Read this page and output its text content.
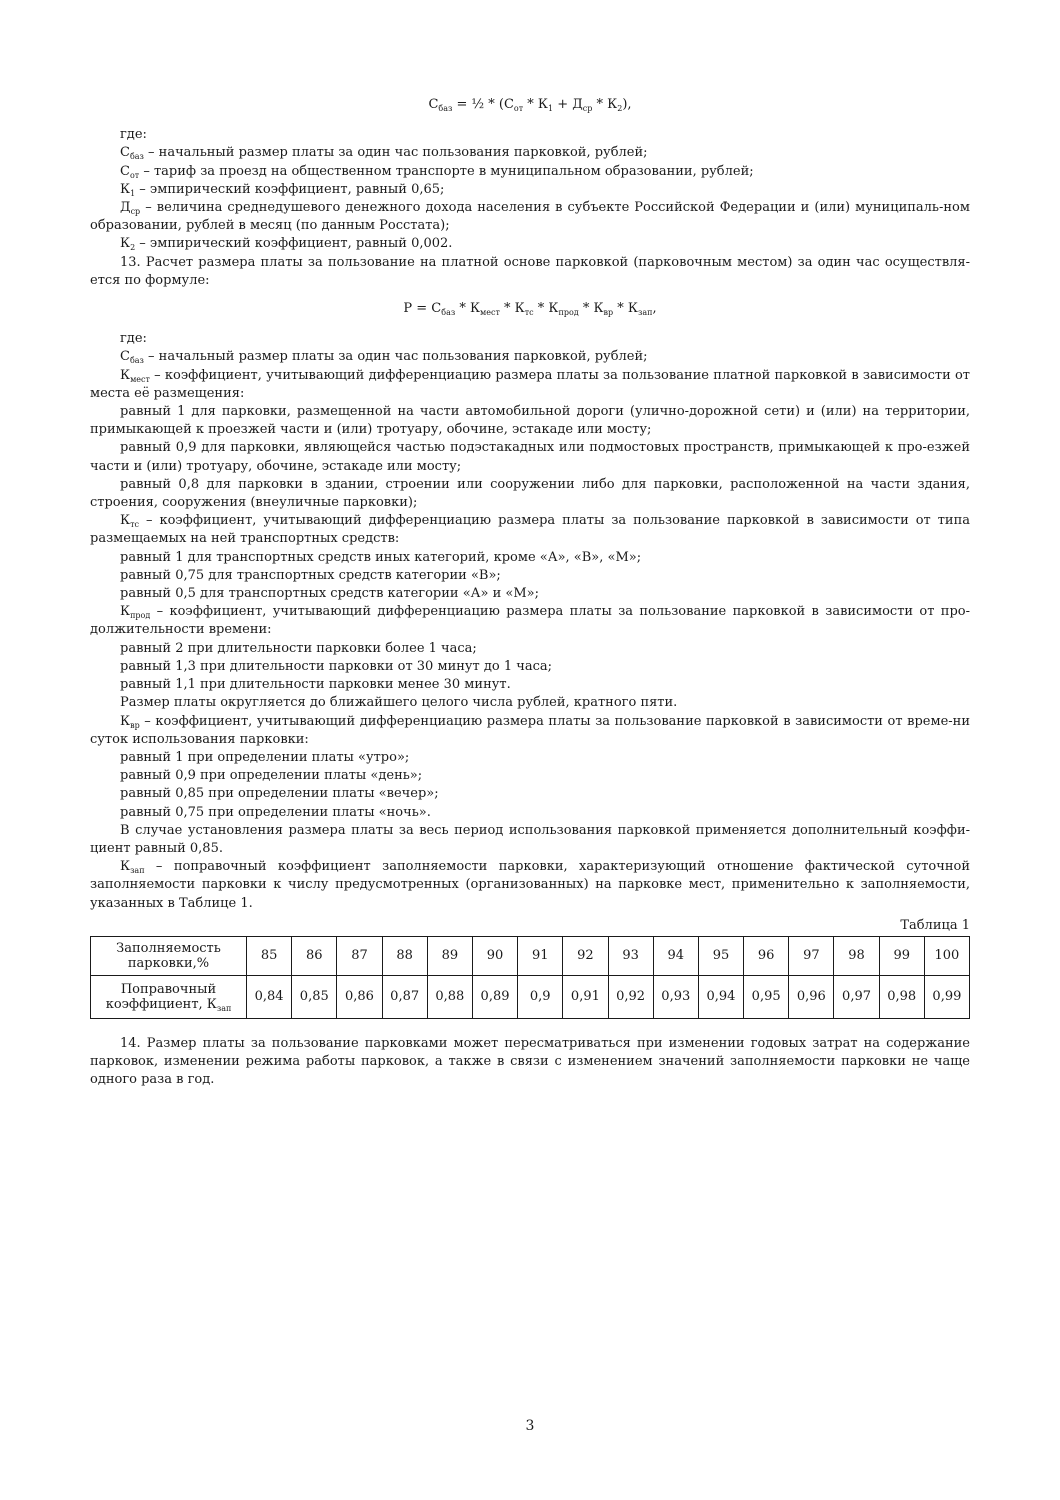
$С_{баз}$ = ½ * $(С_{от} * К_1 + Д_{ср} * К_2)$,

где:

$С_{баз}$ – начальный размер платы за один час пользования парковкой, рублей;

$С_{от}$ – тариф за проезд на общественном транспорте в муниципальном образовании, рублей;

$К_1$ – эмпирический коэффициент, равный 0,65;

$Д_{ср}$ – величина среднедушевого денежного дохода населения в субъекте Российской Федерации и (или) муниципаль-ном образовании, рублей в месяц (по данным Росстата);

$К_2$ – эмпирический коэффициент, равный 0,002.

13. Расчет размера платы за пользование на платной основе парковкой (парковочным местом) за один час осуществля-ется по формуле:

$Р = С_{баз} * К_{мест} * К_{тс} * К_{прод} * К_{вр} * К_{зап}$,

где:

$С_{баз}$ – начальный размер платы за один час пользования парковкой, рублей;

$К_{мест}$ – коэффициент, учитывающий дифференциацию размера платы за пользование платной парковкой в зависимости от места её размещения:

равный 1 для парковки, размещенной на части автомобильной дороги (улично-дорожной сети) и (или) на территории, примыкающей к проезжей части и (или) тротуару, обочине, эстакаде или мосту;

равный 0,9 для парковки, являющейся частью подэстакадных или подмостовых пространств, примыкающей к про-езжей части и (или) тротуару, обочине, эстакаде или мосту;

равный 0,8 для парковки в здании, строении или сооружении либо для парковки, расположенной на части здания, строения, сооружения (внеуличные парковки);

$К_{тс}$ – коэффициент, учитывающий дифференциацию размера платы за пользование парковкой в зависимости от типа размещаемых на ней транспортных средств:

равный 1 для транспортных средств иных категорий, кроме «А», «В», «М»;

равный 0,75 для транспортных средств категории «В»;

равный 0,5 для транспортных средств категории «А» и «М»;

$К_{прод}$ – коэффициент, учитывающий дифференциацию размера платы за пользование парковкой в зависимости от про-должительности времени:

равный 2 при длительности парковки более 1 часа;

равный 1,3 при длительности парковки от 30 минут до 1 часа;

равный 1,1 при длительности парковки менее 30 минут.

Размер платы округляется до ближайшего целого числа рублей, кратного пяти.

$К_{вр}$ – коэффициент, учитывающий дифференциацию размера платы за пользование парковкой в зависимости от време-ни суток использования парковки:

равный 1 при определении платы «утро»;

равный 0,9 при определении платы «день»;

равный 0,85 при определении платы «вечер»;

равный 0,75 при определении платы «ночь».

В случае установления размера платы за весь период использования парковкой применяется дополнительный коэффи-циент равный 0,85.

$К_{зап}$ – поправочный коэффициент заполняемости парковки, характеризующий отношение фактической суточной заполняемости парковки к числу предусмотренных (организованных) на парковке мест, применительно к заполняемости, указанных в Таблице 1.

Таблица 1
Заполняемость парковки,%	85	86	87	88	89	90	91	92	93	94	95	96	97	98	99	100
Поправочный коэффициент, $К_{зап}$	0,84	0,85	0,86	0,87	0,88	0,89	0,9	0,91	0,92	0,93	0,94	0,95	0,96	0,97	0,98	0,99

14. Размер платы за пользование парковками может пересматриваться при изменении годовых затрат на содержание парковок, изменении режима работы парковок, а также в связи с изменением значений заполняемости парковки не чаще одного раза в год.

3
